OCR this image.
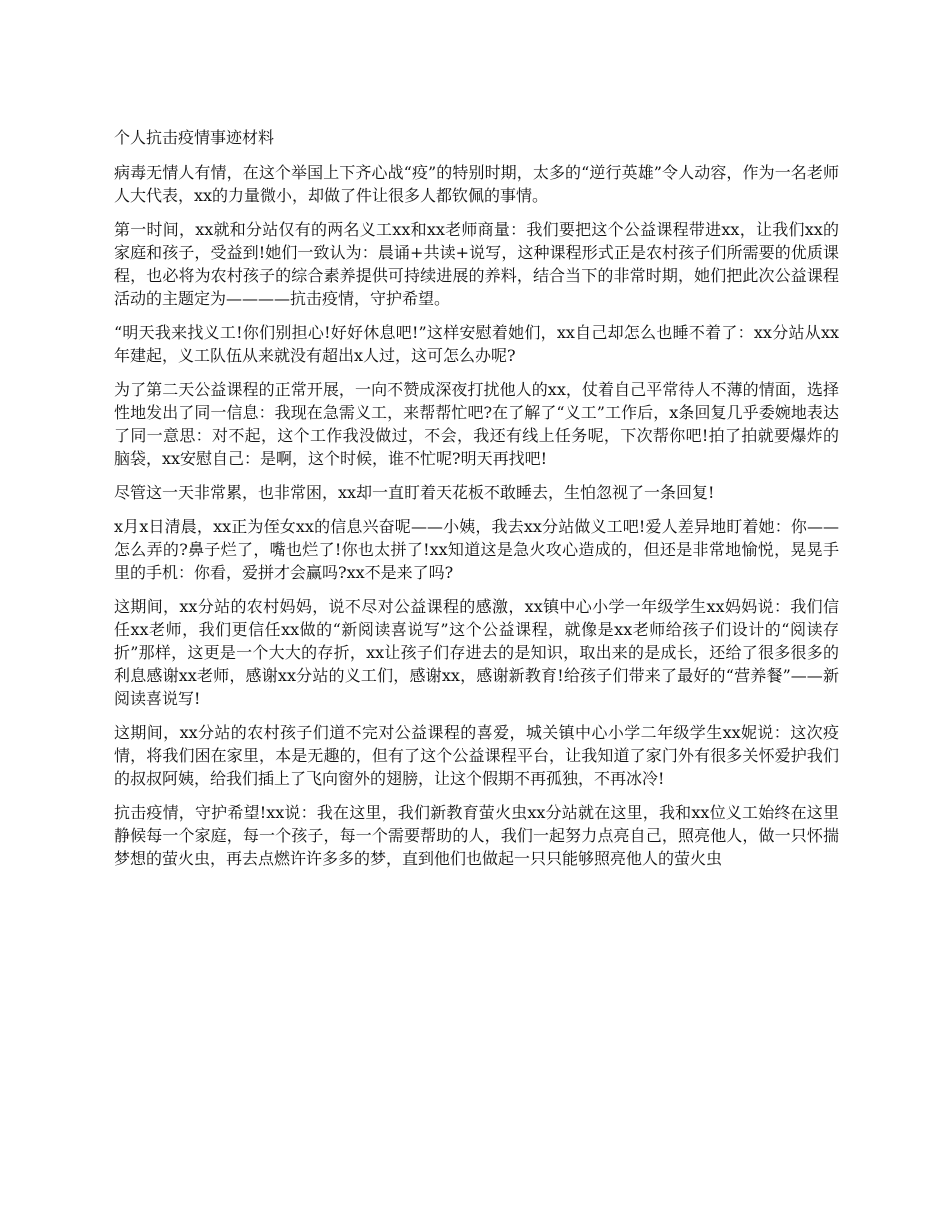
个人抗击疫情事迹材料

病毒无情人有情，在这个举国上下齐心战“疫”的特别时期，太多的“逆行英雄”令人动容，作为一名老师人大代表，xx的力量微小，却做了件让很多人都钦佩的事情。

第一时间，xx就和分站仅有的两名义工xx和xx老师商量：我们要把这个公益课程带进xx，让我们xx的家庭和孩子，受益到!她们一致认为：晨诵+共读+说写，这种课程形式正是农村孩子们所需要的优质课程，也必将为农村孩子的综合素养提供可持续进展的养料，结合当下的非常时期，她们把此次公益课程活动的主题定为————抗击疫情，守护希望。

“明天我来找义工!你们别担心!好好休息吧!”这样安慰着她们，xx自己却怎么也睡不着了：xx分站从xx年建起，义工队伍从来就没有超出x人过，这可怎么办呢?

为了第二天公益课程的正常开展，一向不赞成深夜打扰他人的xx，仗着自己平常待人不薄的情面，选择性地发出了同一信息：我现在急需义工，来帮帮忙吧?在了解了“义工”工作后，x条回复几乎委婉地表达了同一意思：对不起，这个工作我没做过，不会，我还有线上任务呢，下次帮你吧!拍了拍就要爆炸的脑袋，xx安慰自己：是啊，这个时候，谁不忙呢?明天再找吧!

尽管这一天非常累，也非常困，xx却一直盯着天花板不敢睡去，生怕忽视了一条回复!

x月x日清晨，xx正为侄女xx的信息兴奋呢——小姨，我去xx分站做义工吧!爱人差异地盯着她：你——怎么弄的?鼻子烂了，嘴也烂了!你也太拼了!xx知道这是急火攻心造成的，但还是非常地愉悦，晃晃手里的手机：你看，爱拼才会赢吗?xx不是来了吗?

这期间，xx分站的农村妈妈，说不尽对公益课程的感激，xx镇中心小学一年级学生xx妈妈说：我们信任xx老师，我们更信任xx做的“新阅读喜说写”这个公益课程，就像是xx老师给孩子们设计的“阅读存折”那样，这更是一个大大的存折，xx让孩子们存进去的是知识，取出来的是成长，还给了很多很多的利息感谢xx老师，感谢xx分站的义工们，感谢xx，感谢新教育!给孩子们带来了最好的“营养餐”——新阅读喜说写!

这期间，xx分站的农村孩子们道不完对公益课程的喜爱，城关镇中心小学二年级学生xx妮说：这次疫情，将我们困在家里，本是无趣的，但有了这个公益课程平台，让我知道了家门外有很多关怀爱护我们的叔叔阿姨，给我们插上了飞向窗外的翅膀，让这个假期不再孤独，不再冰冷!

抗击疫情，守护希望!xx说：我在这里，我们新教育萤火虫xx分站就在这里，我和xx位义工始终在这里静候每一个家庭，每一个孩子，每一个需要帮助的人，我们一起努力点亮自己，照亮他人，做一只怀揣梦想的萤火虫，再去点燃许许多多的梦，直到他们也做起一只只能够照亮他人的萤火虫
